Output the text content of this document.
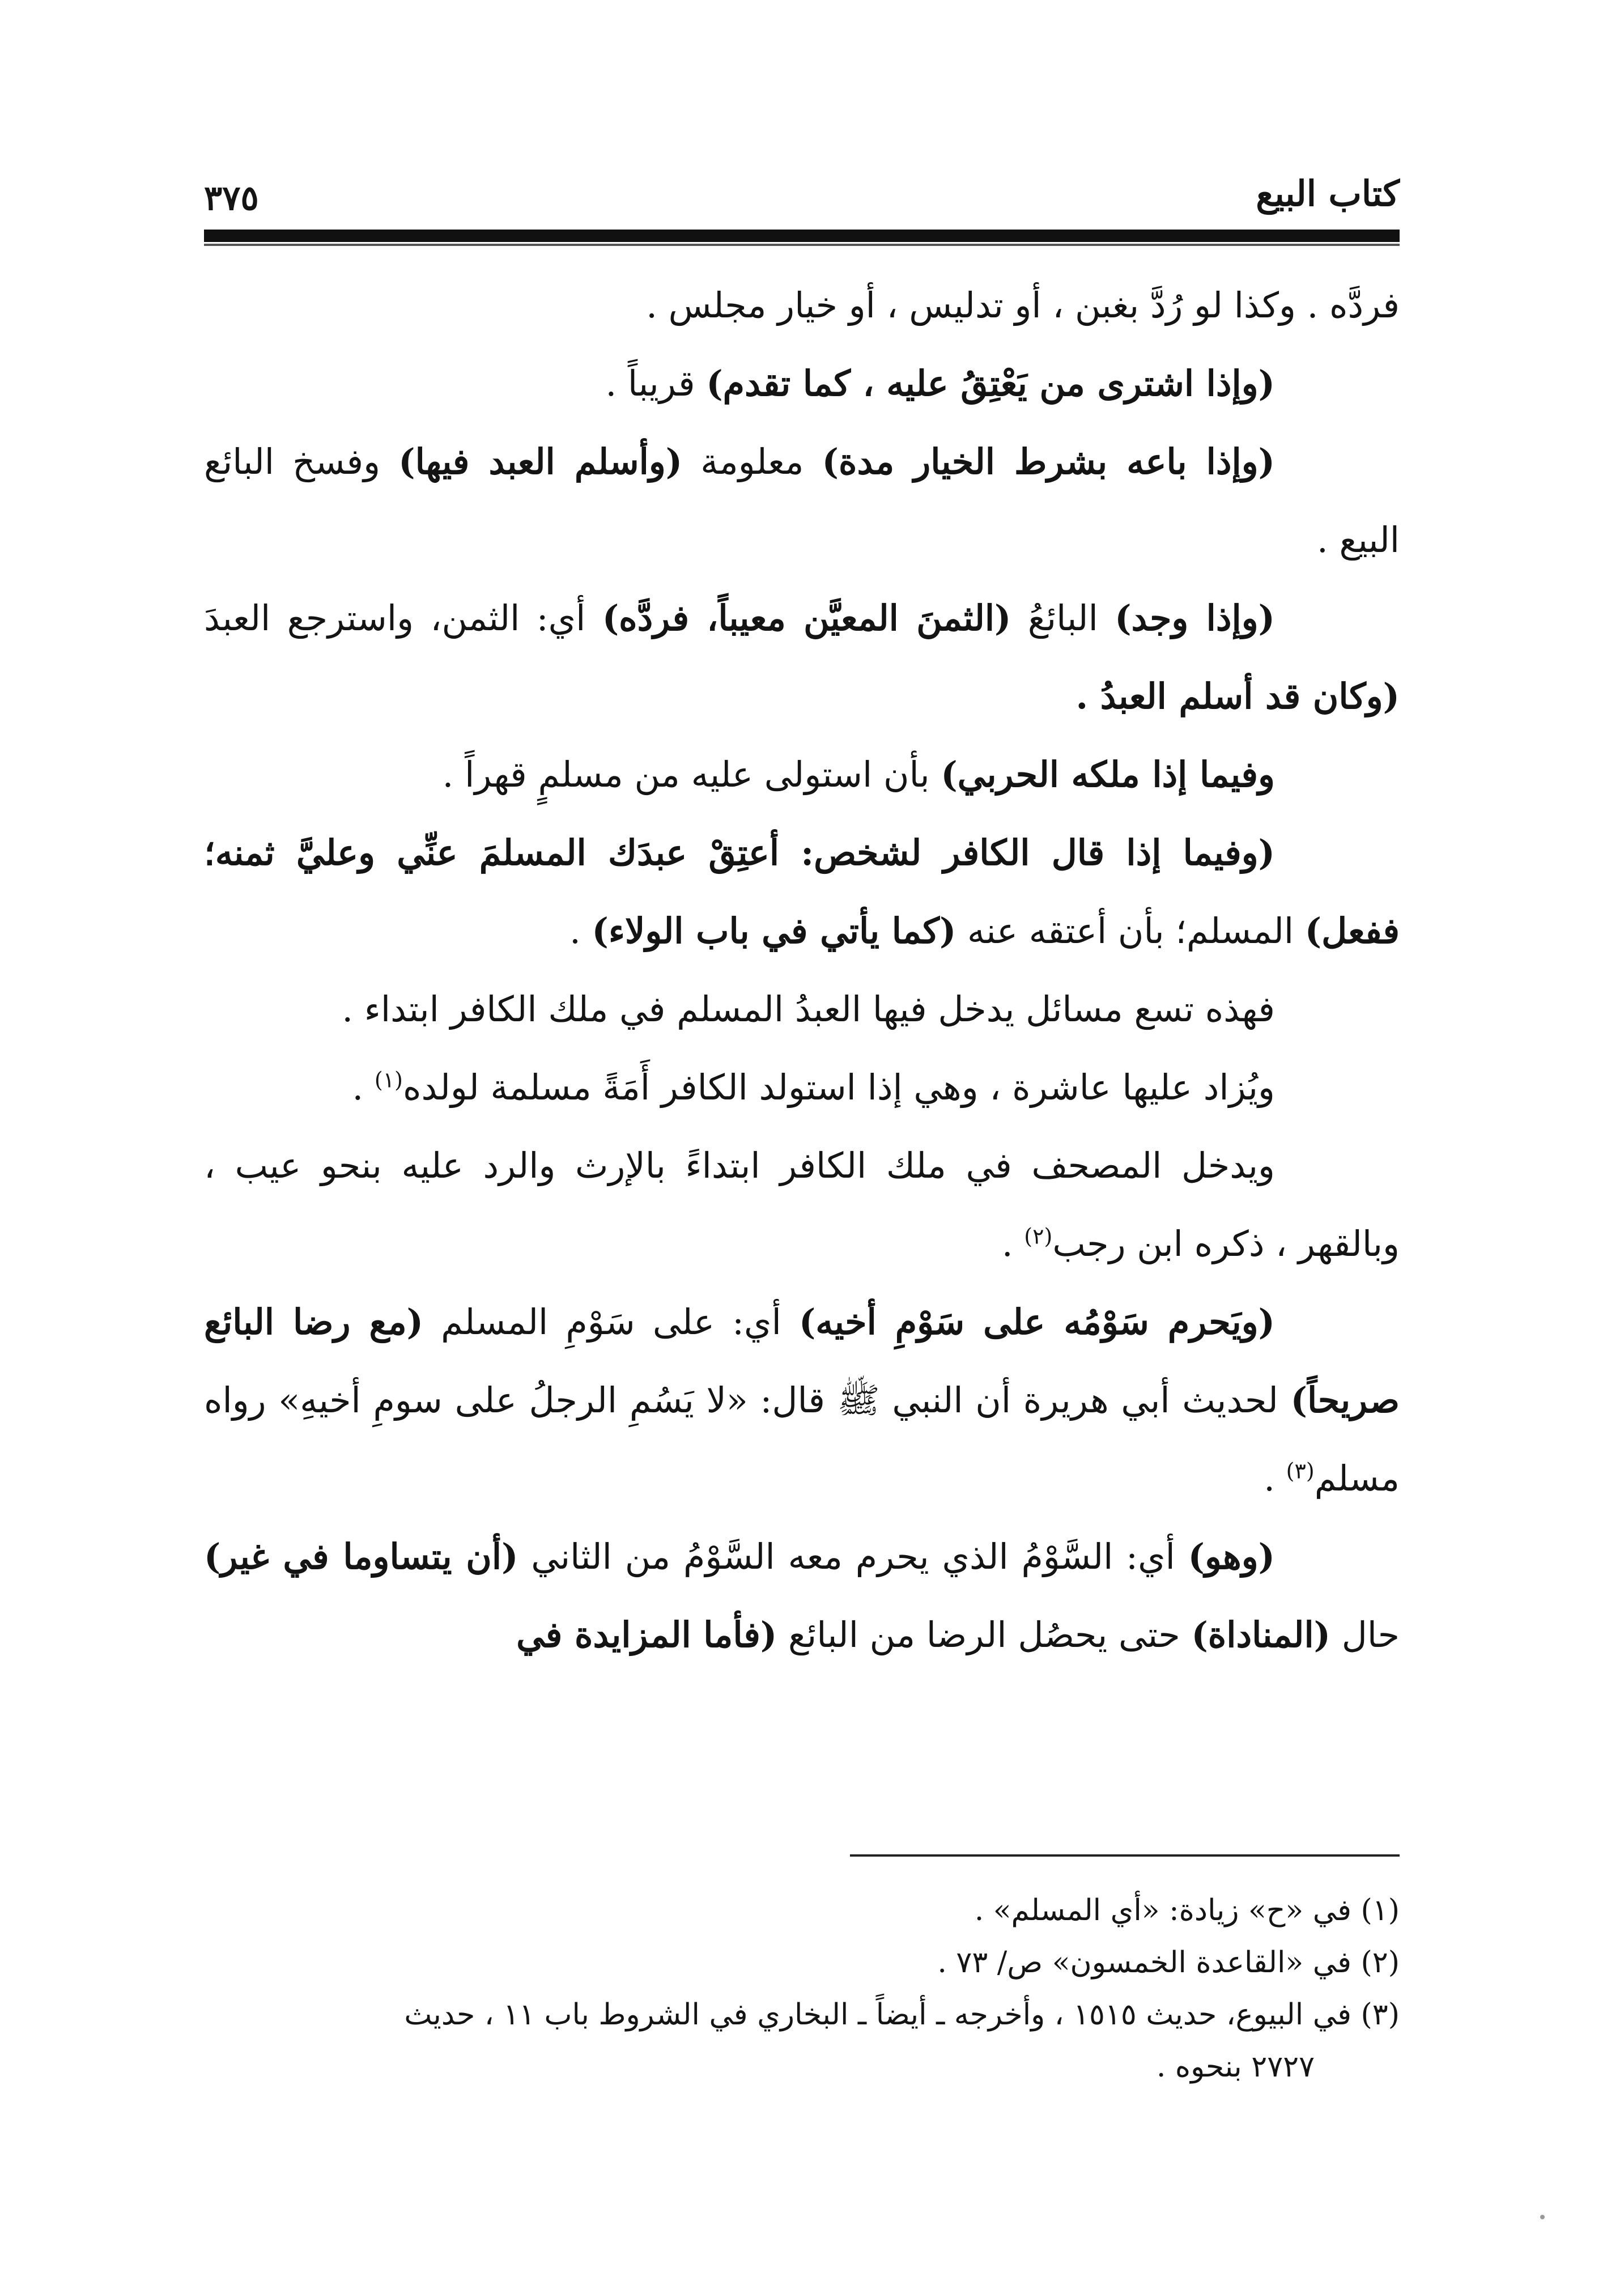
كتاب البيع
٣٧٥

فردَّه . وكذا لو رُدَّ بغبن ، أو تدليس ، أو خيار مجلس .

(وإذا اشترى من يَعْتِقُ عليه ، كما تقدم) قريباً .

(وإذا باعه بشرط الخيار مدة) معلومة (وأسلم العبد فيها) وفسخ البائع البيع .

(وإذا وجد) البائعُ (الثمنَ المعيَّن معيباً، فردَّه) أي: الثمن، واسترجع العبدَ (وكان قد أسلم العبدُ .

وفيما إذا ملكه الحربي) بأن استولى عليه من مسلمٍ قهراً .

(وفيما إذا قال الكافر لشخص: أعتِقْ عبدَك المسلمَ عنِّي وعليَّ ثمنه؛ ففعل) المسلم؛ بأن أعتقه عنه (كما يأتي في باب الولاء) .

فهذه تسع مسائل يدخل فيها العبدُ المسلم في ملك الكافر ابتداء .

ويُزاد عليها عاشرة ، وهي إذا استولد الكافر أَمَةً مسلمة لولده$^{(١)}$ .

ويدخل المصحف في ملك الكافر ابتداءً بالإرث والرد عليه بنحو عيب ، وبالقهر ، ذكره ابن رجب$^{(٢)}$ .

(ويَحرم سَوْمُه على سَوْمِ أخيه) أي: على سَوْمِ المسلم (مع رضا البائع صريحاً) لحديث أبي هريرة أن النبي ﷺ قال: «لا يَسُمِ الرجلُ على سومِ أخيهِ» رواه مسلم$^{(٣)}$ .

(وهو) أي: السَّوْمُ الذي يحرم معه السَّوْمُ من الثاني (أن يتساوما في غير) حال (المناداة) حتى يحصُل الرضا من البائع (فأما المزايدة في

(١) في «ح» زيادة: «أي المسلم» .

(٢) في «القاعدة الخمسون» ص/ ٧٣ .

(٣) في البيوع، حديث ١٥١٥ ، وأخرجه ـ أيضاً ـ البخاري في الشروط باب ١١ ، حديث

٢٧٢٧ بنحوه .
